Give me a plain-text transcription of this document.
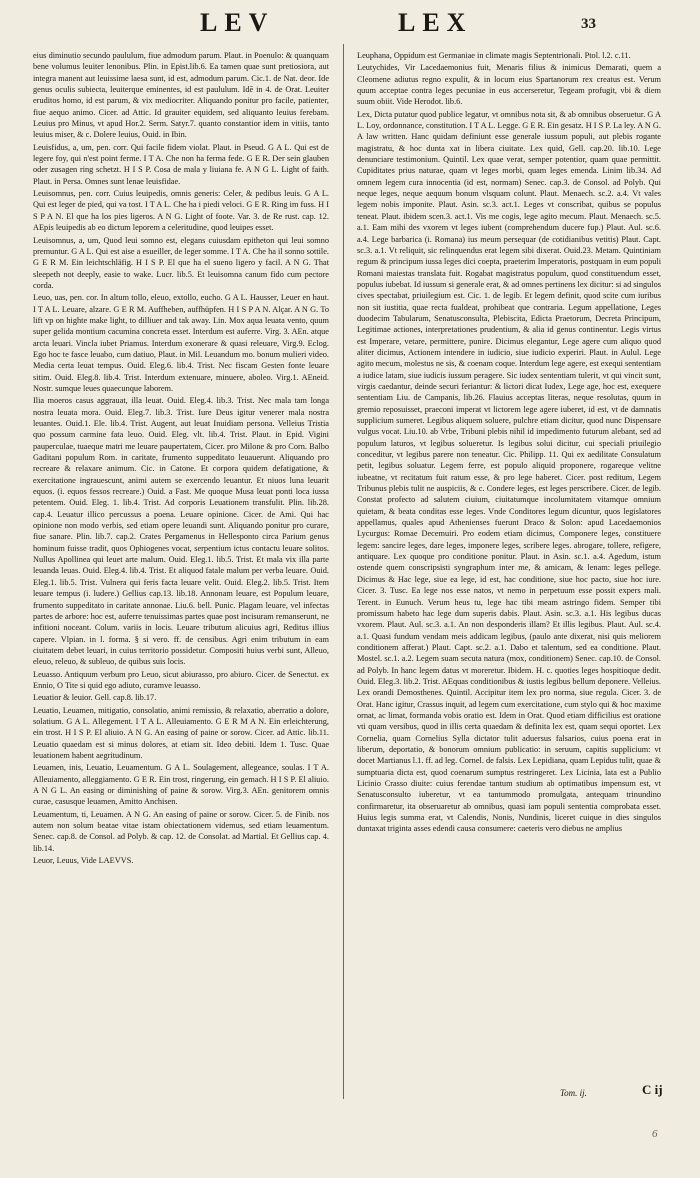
LEV	LEX	33

eius diminutio secundo paululum, fiue admodum parum. Plaut. in Poenulo: & quanquam bene volumus leuiter lenonibus. Plin. in Epist.lib.6. Ea tamen quae sunt pretiosiora, aut integra manent aut leuissime laesa sunt, id est, admodum parum. Cic.1. de Nat. deor. Ide genus oculis subiecta, leuiterque eminentes, id est paululum. Idē in 4. de Orat. Leuiter eruditos homo, id est parum, & vix mediocriter. Aliquando ponitur pro facile, patienter, fiue aequo animo. Cicer. ad Attic. Id grauiter equidem, sed aliquanto leuius ferebam. Leuius pro Minus, vt apud Hor.2. Serm. Satyr.7. quanto constantior idem in vitiis, tanto leuius miser, & c. Dolere leuius, Ouid. in Ibin.

Leuisfidus, a, um, pen. corr. Qui facile fidem violat. Plaut. in Pseud. G A L. Qui est de legere foy, qui n'est point ferme. I T A. Che non ha ferma fede. G E R. Der sein glauben oder zusagen ring schetzt. H I S P. Cosa de mala y liuiana fe. A N G L. Light of faith. Plaut. in Persa. Omnes sunt lenae leuisfidae.

Leuisomnus, pen. corr. Cuius leuipedis, omnis generis: Celer, & pedibus leuis. G A L. Qui est leger de pied, qui va tost. I T A L. Che ha i piedi veloci. G E R. Ring im fuss. H I S P A N. El que ha los pies ligeros. A N G. Light of foote. Var. 3. de Re rust. cap. 12. AEpis leuipedis ab eo dictum leporem a celeritudine, quod leuipes esset.

Leuisomnus, a, um, Quod leui somno est, elegans cuiusdam epitheton qui leui somno premuntur. G A L. Qui est aise a esueiller, de leger somme. I T A. Che ha il sonno sottile. G E R M. Ein leichtschläfig. H I S P. El que ha el sueno ligero y facil. A N G. That sleepeth not deeply, easie to wake. Lucr. lib.5. Et leuisomna canum fido cum pectore corda.

Leuo, uas, pen. cor. In altum tollo, eleuo, extollo, eucho. G A L. Hausser, Leuer en haut. I T A L. Leuare, alzare. G E R M. Auffheben, auffhüpfen. H I S P A N. Alçar. A N G. To lift vp on highte make light, to dilliuer and tak away. Lin. Mox aqua leuata vento, quum super gelida montium cacumina concreta esset. Interdum est auferre. Virg. 3. AEn. atque arcta leuari. Vincla iubet Priamus. Interdum exonerare & quasi releuare, Virg.9. Eclog. Ego hoc te fasce leuabo, cum datiuo, Plaut. in Mil. Leuandum mo. bonum mulieri video. Media certa leuat tempus. Ouid. Eleg.6. lib.4. Trist. Nec fiscam Gesten fonte leuare sitim. Ouid. Eleg.8. lib.4. Trist. Interdum extenuare, minuere, aboleo. Virg.1. AEneid. Nostr. sumque leues quaecunque laborem.

Ilia moeros casus aggrauat, illa leuat. Ouid. Eleg.4. lib.3. Trist. Nec mala tam longa nostra leuata mora. Ouid. Eleg.7. lib.3. Trist. Iure Deus igitur venerer mala nostra leuantes. Ouid.1. Ele. lib.4. Trist. Augent, aut leuat Inuidiam persona. Velleius Tristia quo possum carmine fata leuo. Ouid. Eleg. vlt. lib.4. Trist. Plaut. in Epid. Vigini pauperculae, tuaeque matri me leuare paupertatem, Cicer. pro Milone & pro Corn. Balbo Gaditani populum Rom. in caritate, frumento suppeditato leuauerunt. Aliquando pro recreare & relaxare animum. Cic. in Catone. Et corpora quidem defatigatione, & exercitatione ingrauescunt, animi autem se exercendo leuantur. Et niuos luna leuarit equos. (i. equos fessos recreare.) Ouid. a Fast. Me quoque Musa leuat ponti loca iussa petentem. Ouid. Eleg. 1. lib.4. Trist. Ad corporis Leuationem transfulit. Plin. lib.28. cap.4. Leuatur illico percussus a poena. Leuare opinione. Cicer. de Ami. Qui hac opinione non modo verbis, sed etiam opere leuandi sunt. Aliquando ponitur pro curare, fiue sanare. Plin. lib.7. cap.2. Crates Pergamenus in Hellesponto circa Parium genus hominum fuisse tradit, quos Ophiogenes vocat, serpentium ictus contactu leuare solitos. Nullus Apollinea qui leuet arte malum. Ouid. Eleg.1. lib.5. Trist. Et mala vix illa parte leuanda leuas. Ouid. Eleg.4. lib.4. Trist. Et aliquod fatale malum per verba leuare. Ouid. Eleg.1. lib.5. Trist. Vulnera qui feris facta leuare velit. Ouid. Eleg.2. lib.5. Trist. Item leuare tempus (i. ludere.) Gellius cap.13. lib.18. Annonam leuare, est Populum leuare, frumento suppeditato in caritate annonae. Liu.6. bell. Punic. Plagam leuare, vel infectas partes de arbore: hoc est, auferre tenuissimas partes quae post incisuram remanserunt, ne infitioni noceant. Colum. variis in locis. Leuare tributum alicuius agri, Reditus illius capere. Vlpian. in l. forma. § si vero. ff. de censibus. Agri enim tributum in eam ciuitatem debet leuari, in cuius territorio possidetur. Compositi huius verbi sunt, Alleuo, eleuo, releuo, & subleuo, de quibus suis locis.

Leuasso. Antiquum verbum pro Leuo, sicut abiurasso, pro abiuro. Cicer. de Senectut. ex Ennio, O Tite si quid ego adiuto, curamve leuasso.

Leuatior & leuior. Gell. cap.8. lib.17.

Leuatio, Leuamen, mitigatio, consolatio, animi remissio, & relaxatio, aberratio a dolore, solatium. G A L. Allegement. I T A L. Alleuiamento. G E R M A N. Ein erleichterung, ein trost. H I S P. El aliuio. A N G. An easing of paine or sorow. Cicer. ad Attic. lib.11. Leuatio quaedam est si minus dolores, at etiam sit. Ideo debiti. Idem 1. Tusc. Quae leuationem habent aegritudinum.

Leuamen, inis, Leuatio, Leuamentum. G A L. Soulagement, allegeance, soulas. I T A. Alleuiamento, alleggiamento. G E R. Ein trost, ringerung, ein gemach. H I S P. El aliuio. A N G L. An easing or diminishing of paine & sorow. Virg.3. AEn. genitorem omnis curae, casusque leuamen, Amitto Anchisen.

Leuamentum, ti, Leuamen. A N G. An easing of paine or sorow. Cicer. 5. de Finib. nos autem non solum beatae vitae istam obiectationem videmus, sed etiam leuamentum. Senec. cap.8. de Consol. ad Polyb. & cap. 12. de Consolat. ad Martial. Et Gellius cap. 4. lib.14.

Leuor, Leuus, Vide LAEVVS.

Leuphana, Oppidum est Germaniae in climate magis Septentrionali. Ptol. l.2. c.11.

Leutychides, Vir Lacedaemonius fuit, Menaris filius & inimicus Demarati, quem a Cleomene adiutus regno expulit, & in locum eius Spartanorum rex creatus est. Verum quum acceptae contra leges pecuniae in eus accerseretur, Tegeam profugit, vbi & diem suum obiit. Vide Herodot. lib.6.

Lex, Dicta putatur quod publice legatur, vt omnibus nota sit, & ab omnibus obseruetur. G A L. Loy, ordonnance, constitution. I T A L. Legge. G E R. Ein gesatz. H I S P. La ley. A N G. A law written. Hanc quidam definiunt esse generale iussum populi, aut plebis rogante magistratu, & hoc dunta xat in libera ciuitate. Lex quid, Gell. cap.20. lib.10. Lege denunciare testimonium. Quintil. Lex quae verat, semper potentior, quam quae permittit. Cupiditates prius naturae, quam vt leges morbi, quam leges emenda. Linim lib.34. Ad omnem legem cura innocentia (id est, normam) Senec. cap.3. de Consol. ad Polyb. Qui neque leges, neque aequum bonum vlsquam colunt. Plaut. Menaech. sc.2. a.4. Vt vales legem nobis imponite. Plaut. Asin. sc.3. act.1. Leges vt conscribat, quibus se populus teneat. Plaut. ibidem scen.3. act.1. Vis me cogis, lege agito mecum. Plaut. Menaech. sc.5. a.1. Eam mihi des vxorem vt leges iubent (comprehendum ducere fup.) Plaut. Aul. sc.6. a.4. Lege barbarica (i. Romana) ius meum persequar (de cotidianibus vetitis) Plaut. Capt. sc.3. a.1. Vt reliquit, sic relinquendus erat legem sibi dixerat. Ouid.23. Metam. Quintiniam regum & principum iussa leges dici coepta, praeterim Imperatoris, postquam in eum populi Romani maiestas translata fuit. Rogabat magistratus populum, quod constituendum esset, populus iubebat. Id iussum si generale erat, & ad omnes pertinens lex dicitur: si ad singulos cives spectabat, priuilegium est. Cic. 1. de legib. Et legem definit, quod scite cum iuribus non sit iustitia, quae recta fualdeat, prohibeat que contraria. Legum appellatione, Leges duodecim Tabularum, Senatusconsulta, Plebiscita, Edicta Praetorum, Decreta Principum, Legitimae actiones, interpretationes prudentium, & alia id genus continentur. Legis virtus est Imperare, vetare, permittere, punire. Dicimus elegantur, Lege agere cum aliquo quod aliter dicimus, Actionem intendere in iudicio, siue iudicio experiri. Plaut. in Aulul. Lege agito mecum, molestus ne sis, & coenam coque. Interdum lege agere, est exequi sententiam a iudice latam, siue iudicis iussum peragere. Sic iudex sententiam tulerit, vt qui vincit sunt, virgis caedantur, deinde securi feriantur: & lictori dicat Iudex, Lege age, hoc est, exequere sententiam Liu. de Campanis, lib.26. Flauius acceptas literas, neque resolutas, quum in gremio reposuisset, praeconi imperat vt lictorem lege agere iuberet, id est, vt de damnatis supplicium sumeret. Legibus aliquem soluere, pulchre etiam dicitur, quod nunc Dispensare vulgus vocat. Liu.10. ab Vrbe, Tribuni plebis nihil id impedimento futurum alebant, sed ad populum laturos, vt legibus solueretur. Is legibus solui dicitur, cui speciali priuilegio conceditur, vt legibus parere non teneatur. Cic. Philipp. 11. Qui ex aedilitate Consulatum petit, legibus soluatur. Legem ferre, est populo aliquid proponere, rogareque velitne iubeatne, vt recitatum fuit ratum esse, & pro lege haberet. Cicer. post reditum, Legem Tribunus plebis tulit ne auspiciis, & c. Condere leges, est leges perscribere. Cicer. de legib. Constat profecto ad salutem ciuium, ciuitatumque incolumitatem vitamque omnium quietam, & beata conditas esse leges. Vnde Conditores legum dicuntur, quos legislatores appellamus, quales apud Athenienses fuerunt Draco & Solon: apud Lacedaemonios Lycurgus: Romae Decemuiri. Pro eodem etiam dicimus, Componere leges, constituere legem: sancire leges, dare leges, imponere leges, scribere leges. abrogare, tollere, refigere, antiquare. Lex quoque pro conditione ponitur. Plaut. in Asin. sc.1. a.4. Agedum, istum ostende quem conscripsisti syngraphum inter me, & amicam, & lenam: leges pellege. Dicimus & Hac lege, siue ea lege, id est, hac conditione, siue hoc pacto, siue hoc iure. Cicer. 3. Tusc. Ea lege nos esse natos, vt nemo in perpetuum esse possit expers mali. Terent. in Eunuch. Verum heus tu, lege hac tibi meam astringo fidem. Semper tibi promissum habeto hac lege dum superis dabis. Plaut. Asin. sc.3. a.1. His legibus ducas vxorem. Plaut. Aul. sc.3. a.1. An non desponderis illam? Et illis legibus. Plaut. Aul. sc.4. a.1. Quasi fundum vendam meis addicam legibus, (paulo ante dixerat, nisi quis meliorem conditionem afferat.) Plaut. Capt. sc.2. a.1. Dabo et talentum, sed ea conditione. Plaut. Mostel. sc.1. a.2. Legem suam secuta natura (mox, conditionem) Senec. cap.10. de Consol. ad Polyb. In hanc legem datus vt moreretur. Ibidem. H. c. quoties leges hospitioque dedit. Ouid. Eleg.3. lib.2. Trist. AEquas conditionibus & iustis legibus bellum deponere. Velleius. Lex orandi Demosthenes. Quintil. Accipitur item lex pro norma, siue regula. Cicer. 3. de Orat. Hanc igitur, Crassus inquit, ad legem cum exercitatione, cum stylo qui & hoc maxime ornat, ac limat, formanda vobis oratio est. Idem in Orat. Quod etiam difficilius est oratione vti quam versibus, quod in illis certa quaedam & definita lex est, quam sequi oportet. Lex Cornelia, quam Cornelius Sylla dictator tulit aduersus falsarios, cuius poena erat in liberum, deportatio, & bonorum omnium publicatio: in seruum, capitis supplicium: vt docet Martianus l.1. ff. ad leg. Cornel. de falsis. Lex Lepidiana, quam Lepidus tulit, quae & sumptuaria dicta est, quod coenarum sumptus restringeret. Lex Licinia, lata est a Publio Licinio Crasso diuite: cuius ferendae tantum studium ab optimatibus impensum est, vt Senatusconsulto iuberetur, vt ea tantummodo promulgata, antequam trinundino confirmaretur, ita obseruaretur ab omnibus, quasi iam populi sententia comprobata esset. Huius legis summa erat, vt Calendis, Nonis, Nundinis, liceret cuique in dies singulos duntaxat triginta asses edendi causa consumere: caeteris vero diebus ne amplius

Tom. ij.	C ij
6
